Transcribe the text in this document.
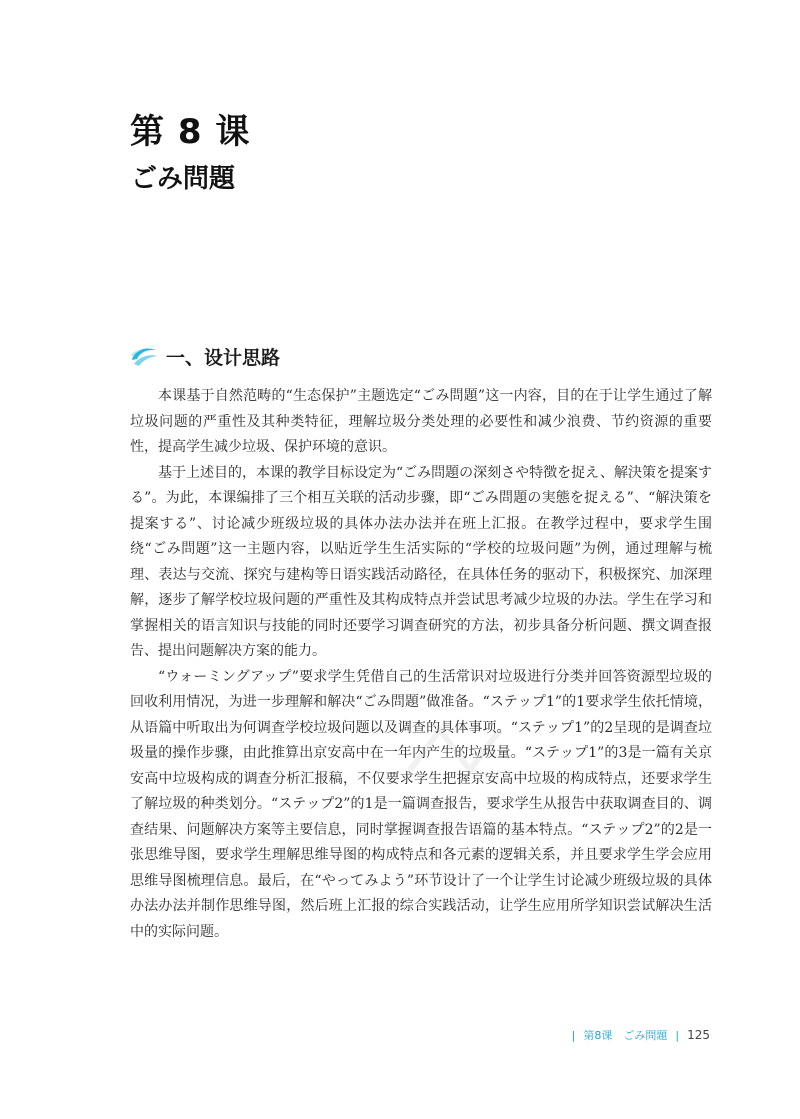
第 8 课
ごみ問題
一、设计思路

本课基于自然范畴的“生态保护”主题选定“ごみ問題”这一内容，目的在于让学生通过了解垃圾问题的严重性及其种类特征，理解垃圾分类处理的必要性和减少浪费、节约资源的重要性，提高学生减少垃圾、保护环境的意识。

基于上述目的，本课的教学目标设定为“ごみ問題の深刻さや特徴を捉え、解決策を提案する”。为此，本课编排了三个相互关联的活动步骤，即“ごみ問題の実態を捉える”、“解決策を提案する”、讨论减少班级垃圾的具体办法办法并在班上汇报。在教学过程中，要求学生围绕“ごみ問題”这一主题内容，以贴近学生生活实际的“学校的垃圾问题”为例，通过理解与梳理、表达与交流、探究与建构等日语实践活动路径，在具体任务的驱动下，积极探究、加深理解，逐步了解学校垃圾问题的严重性及其构成特点并尝试思考减少垃圾的办法。学生在学习和掌握相关的语言知识与技能的同时还要学习调查研究的方法，初步具备分析问题、撰文调查报告、提出问题解决方案的能力。

“ウォーミングアップ”要求学生凭借自己的生活常识对垃圾进行分类并回答资源型垃圾的回收利用情况，为进一步理解和解决“ごみ問題”做准备。“ステップ1”的1要求学生依托情境，从语篇中听取出为何调查学校垃圾问题以及调查的具体事项。“ステップ1”的2呈现的是调查垃圾量的操作步骤，由此推算出京安高中在一年内产生的垃圾量。“ステップ1”的3是一篇有关京安高中垃圾构成的调查分析汇报稿，不仅要求学生把握京安高中垃圾的构成特点，还要求学生了解垃圾的种类划分。“ステップ2”的1是一篇调查报告，要求学生从报告中获取调查目的、调查结果、问题解决方案等主要信息，同时掌握调查报告语篇的基本特点。“ステップ2”的2是一张思维导图，要求学生理解思维导图的构成特点和各元素的逻辑关系，并且要求学生学会应用思维导图梳理信息。最后，在“やってみよう”环节设计了一个让学生讨论减少班级垃圾的具体办法办法并制作思维导图，然后班上汇报的综合实践活动，让学生应用所学知识尝试解决生活中的实际问题。

| 第8课　ごみ問題 | 125
